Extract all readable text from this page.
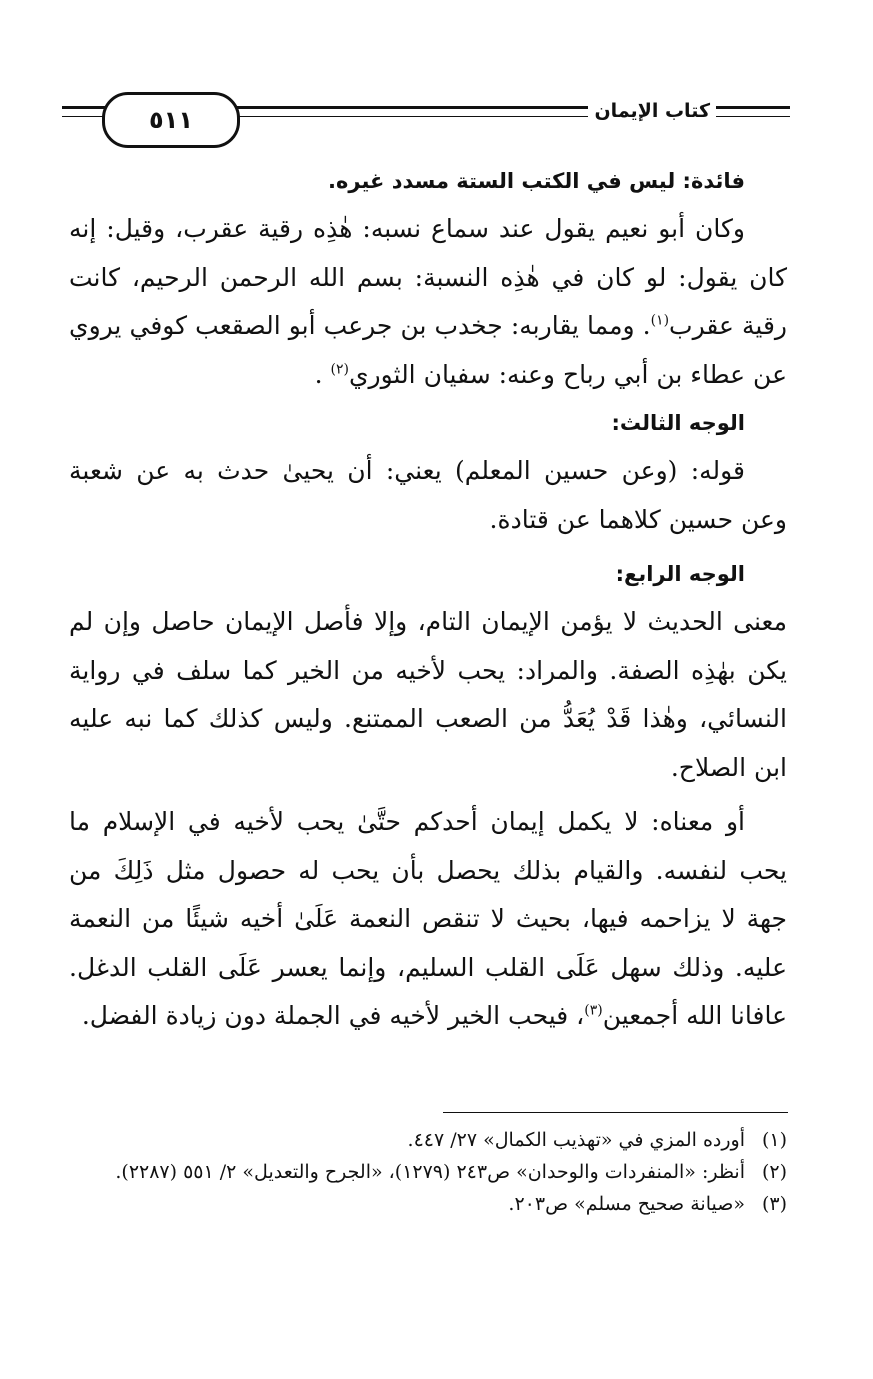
كتاب الإيمان
٥١١

فائدة: ليس في الكتب الستة مسدد غيره.

وكان أبو نعيم يقول عند سماع نسبه: هٰذِه رقية عقرب، وقيل: إنه كان يقول: لو كان في هٰذِه النسبة: بسم الله الرحمن الرحيم، كانت رقية عقرب$^{(١)}$. ومما يقاربه: جخدب بن جرعب أبو الصقعب كوفي يروي عن عطاء بن أبي رباح وعنه: سفيان الثوري$^{(٢)}$ .

الوجه الثالث:

قوله: (وعن حسين المعلم) يعني: أن يحيىٰ حدث به عن شعبة وعن حسين كلاهما عن قتادة.

الوجه الرابع:

معنى الحديث لا يؤمن الإيمان التام، وإلا فأصل الإيمان حاصل وإن لم يكن بهٰذِه الصفة. والمراد: يحب لأخيه من الخير كما سلف في رواية النسائي، وهٰذا قَدْ يُعَدُّ من الصعب الممتنع. وليس كذلك كما نبه عليه ابن الصلاح.

أو معناه: لا يكمل إيمان أحدكم حتَّىٰ يحب لأخيه في الإسلام ما يحب لنفسه. والقيام بذلك يحصل بأن يحب له حصول مثل ذَلِكَ من جهة لا يزاحمه فيها، بحيث لا تنقص النعمة عَلَىٰ أخيه شيئًا من النعمة عليه. وذلك سهل عَلَى القلب السليم، وإنما يعسر عَلَى القلب الدغل. عافانا الله أجمعين$^{(٣)}$، فيحب الخير لأخيه في الجملة دون زيادة الفضل.

(١)
أورده المزي في «تهذيب الكمال» ٢٧/ ٤٤٧.
(٢)
أنظر: «المنفردات والوحدان» ص٢٤٣ (١٢٧٩)، «الجرح والتعديل» ٢/ ٥٥١ (٢٢٨٧).
(٣)
«صيانة صحيح مسلم» ص٢٠٣.
